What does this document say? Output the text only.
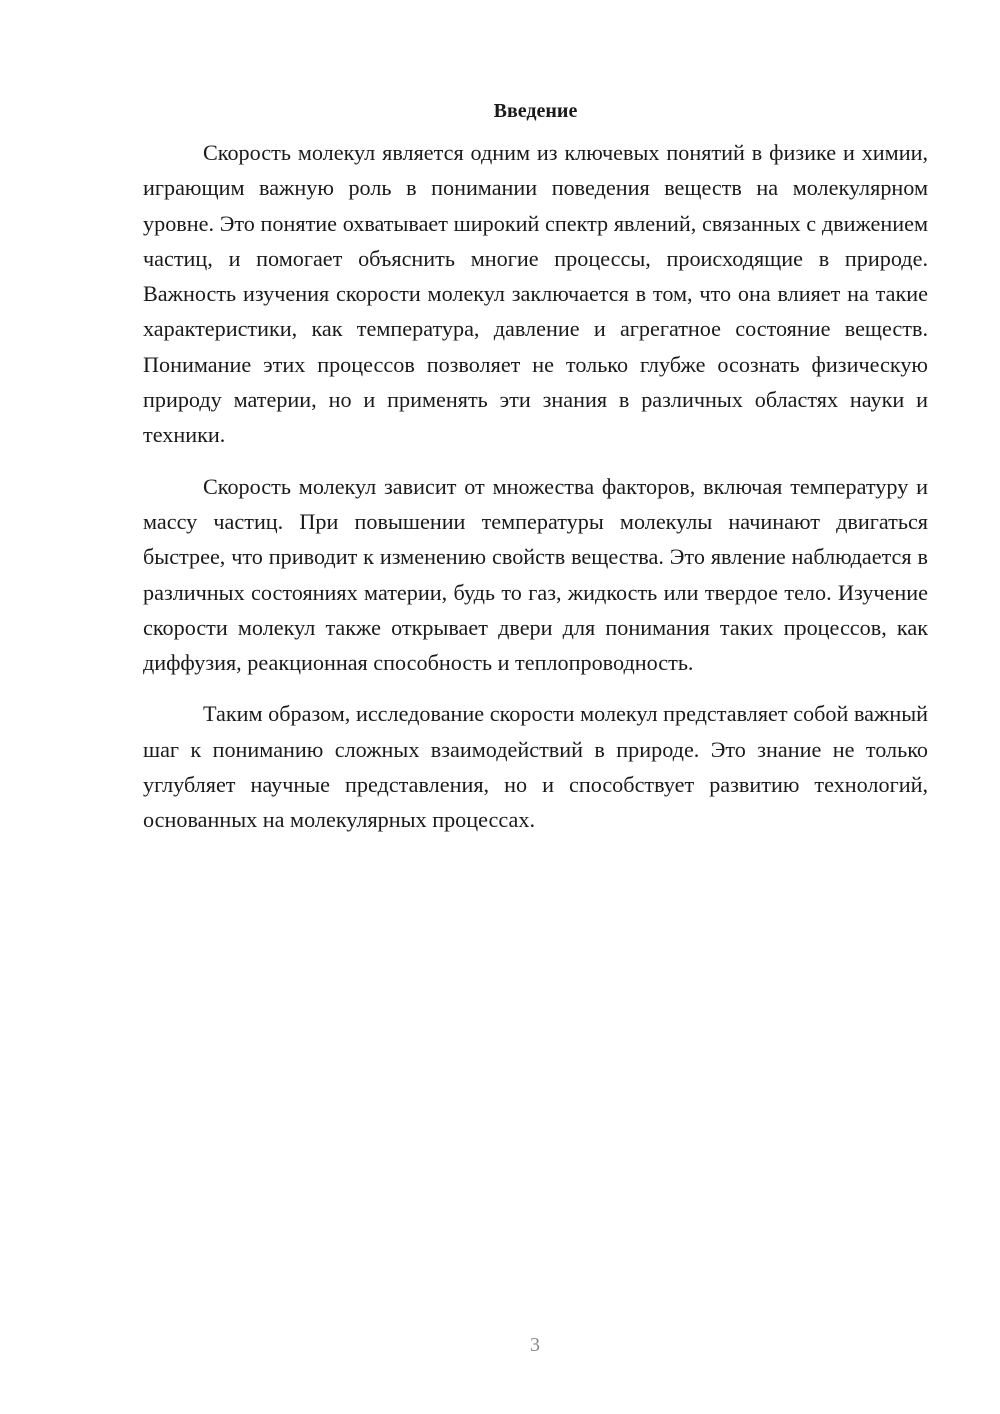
Введение

Скорость молекул является одним из ключевых понятий в физике и химии, играющим важную роль в понимании поведения веществ на молекулярном уровне. Это понятие охватывает широкий спектр явлений, связанных с движением частиц, и помогает объяснить многие процессы, происходящие в природе. Важность изучения скорости молекул заключается в том, что она влияет на такие характеристики, как температура, давление и агрегатное состояние веществ. Понимание этих процессов позволяет не только глубже осознать физическую природу материи, но и применять эти знания в различных областях науки и техники.

Скорость молекул зависит от множества факторов, включая температуру и массу частиц. При повышении температуры молекулы начинают двигаться быстрее, что приводит к изменению свойств вещества. Это явление наблюдается в различных состояниях материи, будь то газ, жидкость или твердое тело. Изучение скорости молекул также открывает двери для понимания таких процессов, как диффузия, реакционная способность и теплопроводность.

Таким образом, исследование скорости молекул представляет собой важный шаг к пониманию сложных взаимодействий в природе. Это знание не только углубляет научные представления, но и способствует развитию технологий, основанных на молекулярных процессах.

3
